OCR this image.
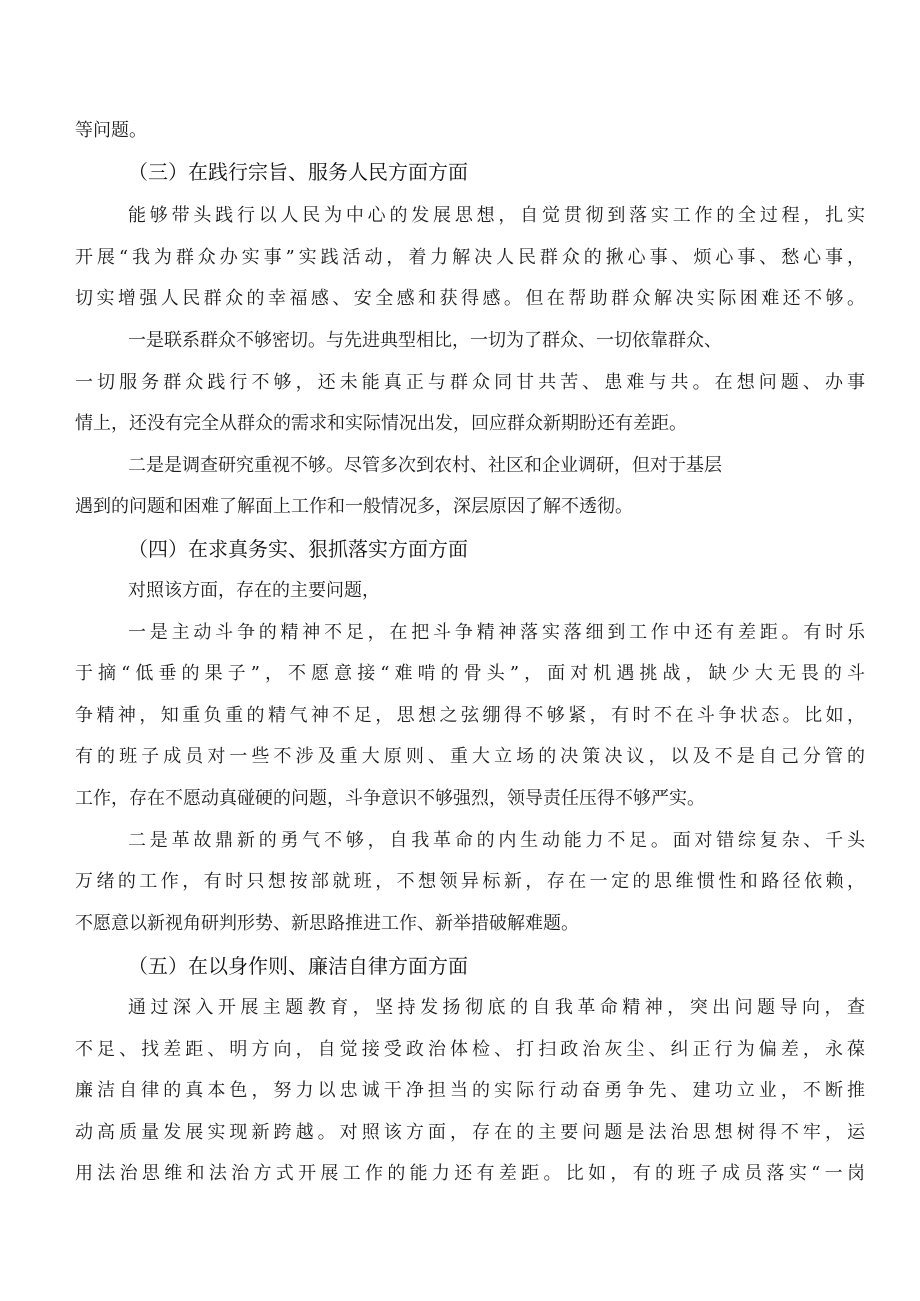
等问题。
（三）在践行宗旨、服务人民方面方面
能够带头践行以人民为中心的发展思想，自觉贯彻到落实工作的全过程，扎实
开展“我为群众办实事”实践活动，着力解决人民群众的揪心事、烦心事、愁心事，
切实增强人民群众的幸福感、安全感和获得感。但在帮助群众解决实际困难还不够。
一是联系群众不够密切。与先进典型相比，一切为了群众、一切依靠群众、
一切服务群众践行不够，还未能真正与群众同甘共苦、患难与共。在想问题、办事
情上，还没有完全从群众的需求和实际情况出发，回应群众新期盼还有差距。
二是是调查研究重视不够。尽管多次到农村、社区和企业调研，但对于基层
遇到的问题和困难了解面上工作和一般情况多，深层原因了解不透彻。
（四）在求真务实、狠抓落实方面方面
对照该方面，存在的主要问题，
一是主动斗争的精神不足，在把斗争精神落实落细到工作中还有差距。有时乐
于摘“低垂的果子”，不愿意接“难啃的骨头”，面对机遇挑战，缺少大无畏的斗
争精神，知重负重的精气神不足，思想之弦绷得不够紧，有时不在斗争状态。比如，
有的班子成员对一些不涉及重大原则、重大立场的决策决议，以及不是自己分管的
工作，存在不愿动真碰硬的问题，斗争意识不够强烈，领导责任压得不够严实。
二是革故鼎新的勇气不够，自我革命的内生动能力不足。面对错综复杂、千头
万绪的工作，有时只想按部就班，不想领异标新，存在一定的思维惯性和路径依赖，
不愿意以新视角研判形势、新思路推进工作、新举措破解难题。
（五）在以身作则、廉洁自律方面方面
通过深入开展主题教育，坚持发扬彻底的自我革命精神，突出问题导向，查
不足、找差距、明方向，自觉接受政治体检、打扫政治灰尘、纠正行为偏差，永葆
廉洁自律的真本色，努力以忠诚干净担当的实际行动奋勇争先、建功立业，不断推
动高质量发展实现新跨越。对照该方面，存在的主要问题是法治思想树得不牢，运
用法治思维和法治方式开展工作的能力还有差距。比如，有的班子成员落实“一岗
